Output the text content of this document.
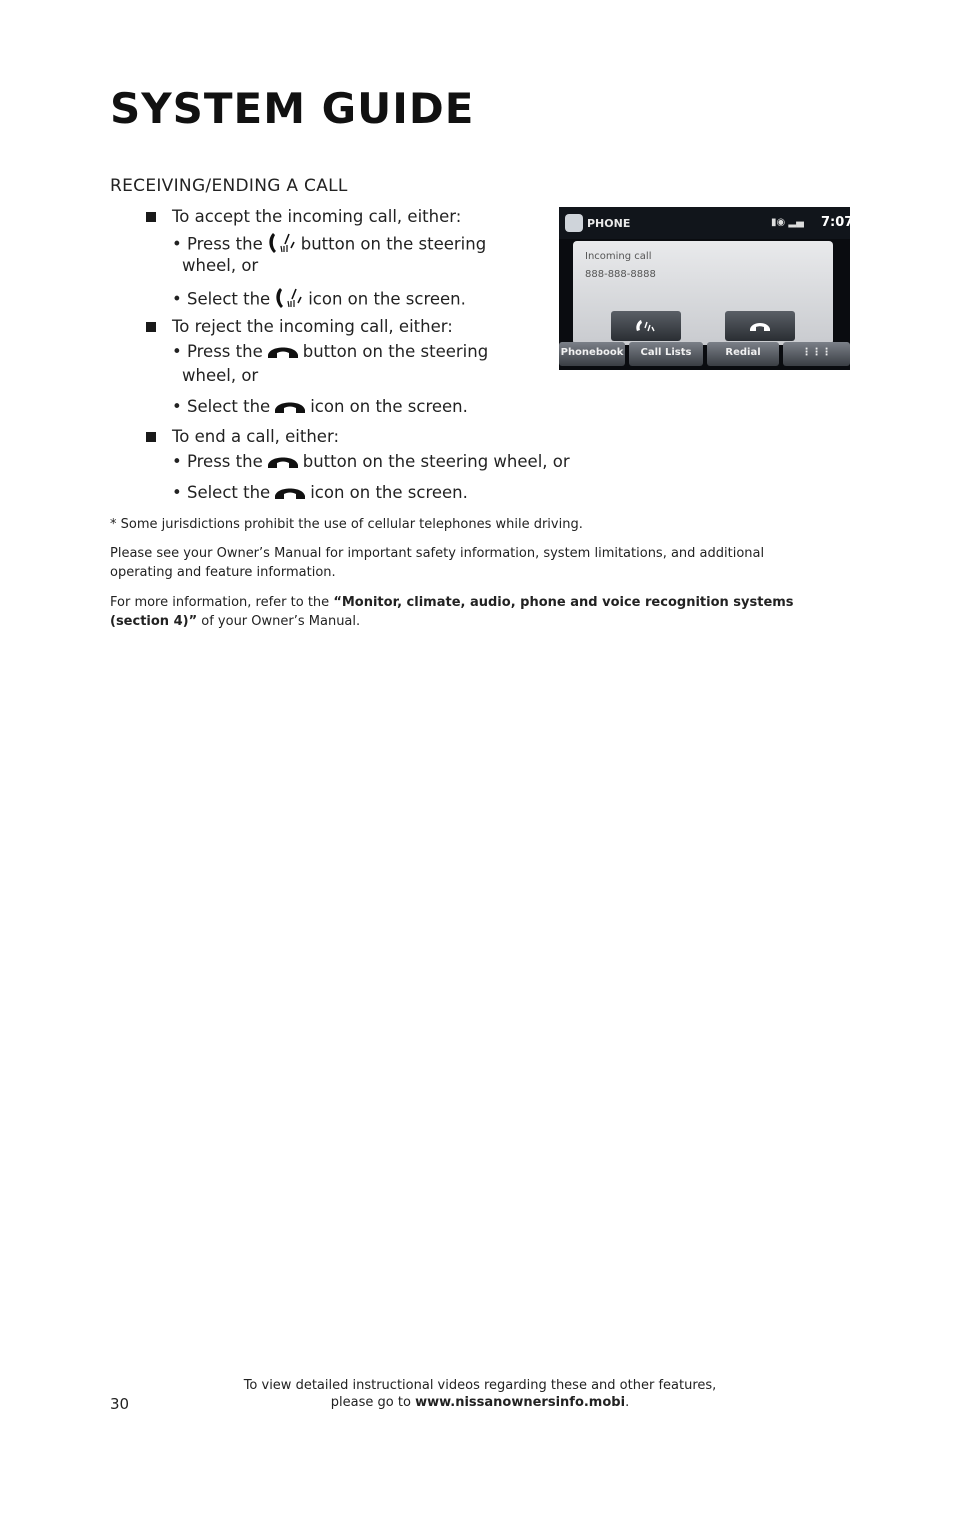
SYSTEM GUIDE
RECEIVING/ENDING A CALL
To accept the incoming call, either:
• Press the button on the steering
wheel, or
• Select the icon on the screen.
To reject the incoming call, either:
• Press the button on the steering
wheel, or
• Select the icon on the screen.
To end a call, either:
• Press the button on the steering wheel, or
• Select the icon on the screen.
* Some jurisdictions prohibit the use of cellular telephones while driving.
Please see your Owner’s Manual for important safety information, system limitations, and additional operating and feature information.
For more information, refer to the “Monitor, climate, audio, phone and voice recognition systems (section 4)” of your Owner’s Manual.
PHONE	▮◉ ▂▄ 7:07
Incoming call
888-888-8888
Phonebook	Call Lists	Redial	⋮⋮⋮
To view detailed instructional videos regarding these and other features,
please go to www.nissanownersinfo.mobi.
30
